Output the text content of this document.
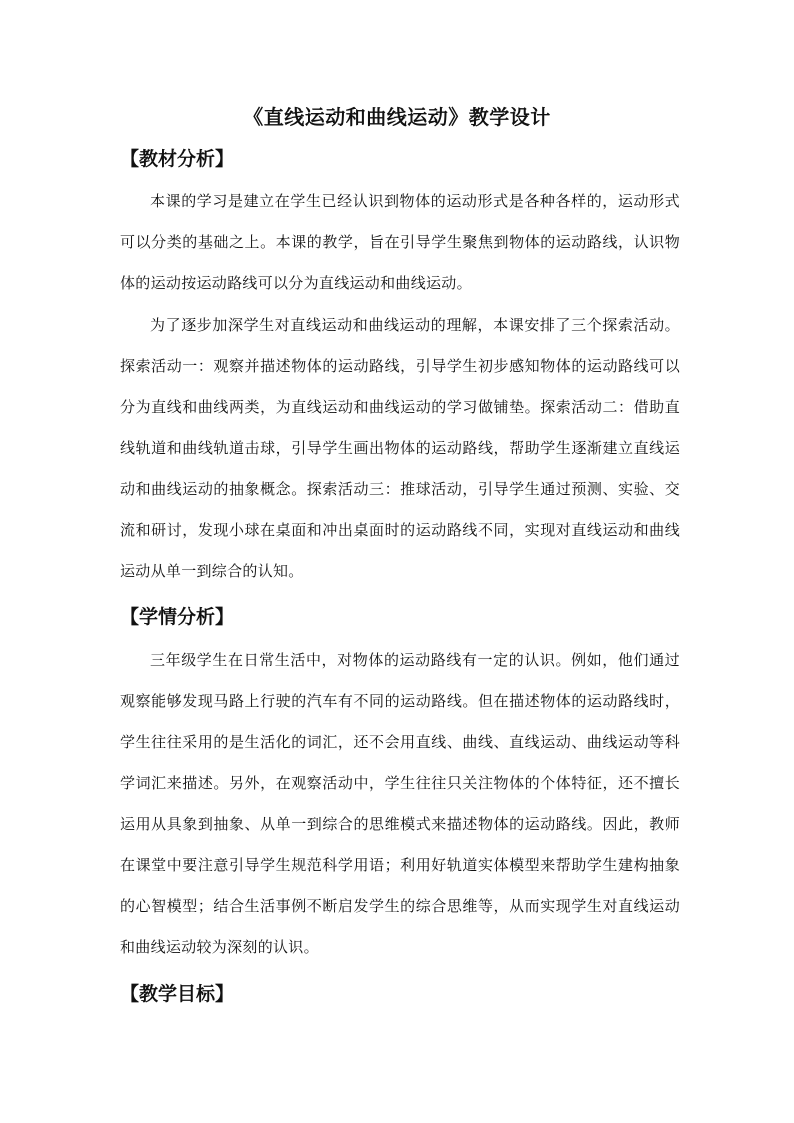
《直线运动和曲线运动》教学设计
【教材分析】

本课的学习是建立在学生已经认识到物体的运动形式是各种各样的，运动形式可以分类的基础之上。本课的教学，旨在引导学生聚焦到物体的运动路线，认识物体的运动按运动路线可以分为直线运动和曲线运动。

为了逐步加深学生对直线运动和曲线运动的理解，本课安排了三个探索活动。探索活动一：观察并描述物体的运动路线，引导学生初步感知物体的运动路线可以分为直线和曲线两类，为直线运动和曲线运动的学习做铺垫。探索活动二：借助直线轨道和曲线轨道击球，引导学生画出物体的运动路线，帮助学生逐渐建立直线运动和曲线运动的抽象概念。探索活动三：推球活动，引导学生通过预测、实验、交流和研讨，发现小球在桌面和冲出桌面时的运动路线不同，实现对直线运动和曲线运动从单一到综合的认知。

【学情分析】

三年级学生在日常生活中，对物体的运动路线有一定的认识。例如，他们通过观察能够发现马路上行驶的汽车有不同的运动路线。但在描述物体的运动路线时，学生往往采用的是生活化的词汇，还不会用直线、曲线、直线运动、曲线运动等科学词汇来描述。另外，在观察活动中，学生往往只关注物体的个体特征，还不擅长运用从具象到抽象、从单一到综合的思维模式来描述物体的运动路线。因此，教师在课堂中要注意引导学生规范科学用语；利用好轨道实体模型来帮助学生建构抽象的心智模型；结合生活事例不断启发学生的综合思维等，从而实现学生对直线运动和曲线运动较为深刻的认识。

【教学目标】
